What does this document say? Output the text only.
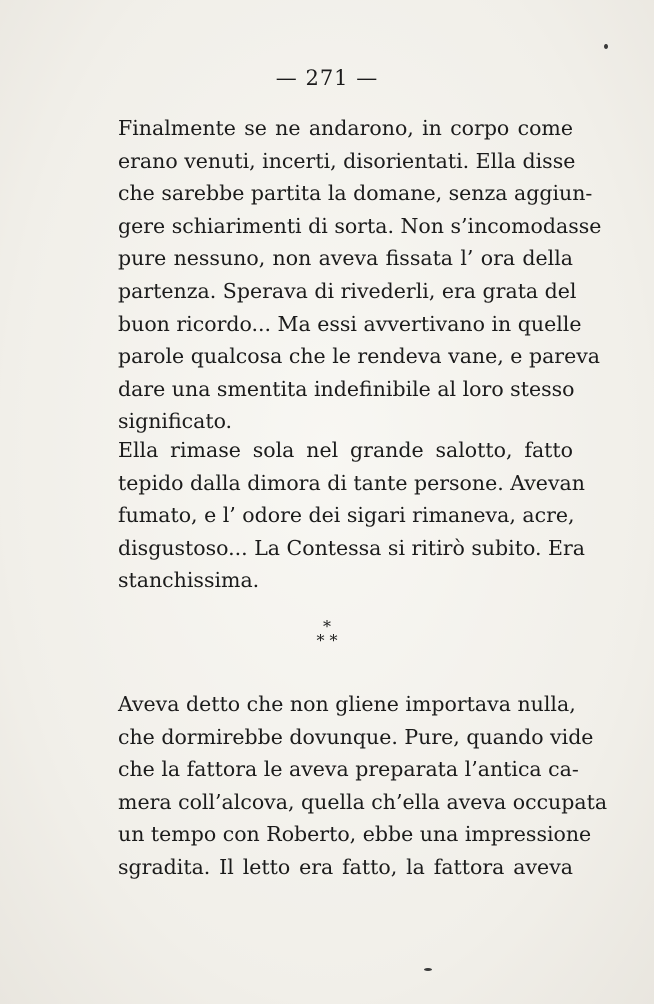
— 271 —
Finalmente se ne andarono, in corpo come
erano venuti, incerti, disorientati. Ella disse
che sarebbe partita la domane, senza aggiun-
gere schiarimenti di sorta. Non s’incomodasse
pure nessuno, non aveva fissata l’ ora della
partenza. Sperava di rivederli, era grata del
buon ricordo... Ma essi avvertivano in quelle
parole qualcosa che le rendeva vane, e pareva
dare una smentita indefinibile al loro stesso
significato.
Ella rimase sola nel grande salotto, fatto
tepido dalla dimora di tante persone. Avevan
fumato, e l’ odore dei sigari rimaneva, acre,
disgustoso... La Contessa si ritirò subito. Era
stanchissima.
*
* *
Aveva detto che non gliene importava nulla,
che dormirebbe dovunque. Pure, quando vide
che la fattora le aveva preparata l’antica ca-
mera coll’alcova, quella ch’ella aveva occupata
un tempo con Roberto, ebbe una impressione
sgradita. Il letto era fatto, la fattora aveva
